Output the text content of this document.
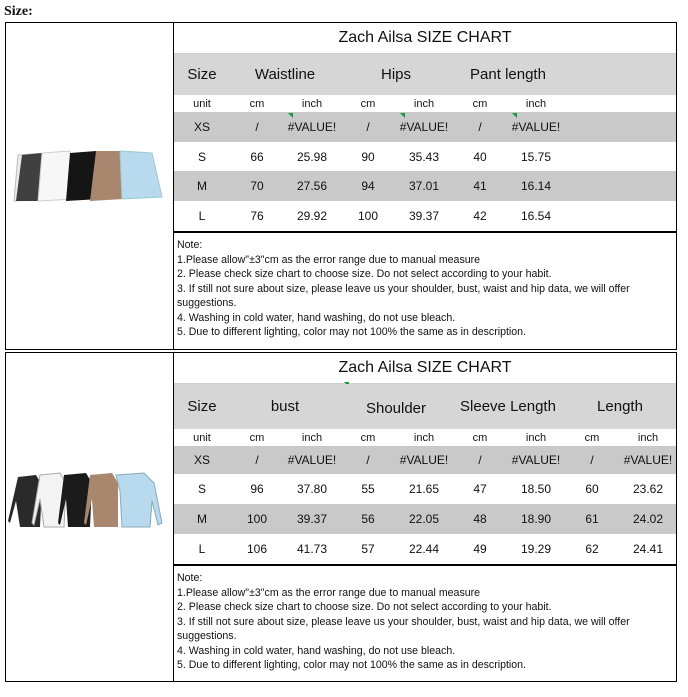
Size:
Zach Ailsa SIZE CHART
Size	Waistline	Hips	Pant length
unit	cm	inch	cm	inch	cm	inch
XS	/	#VALUE!	/	#VALUE!	/	#VALUE!
S	66	25.98	90	35.43	40	15.75
M	70	27.56	94	37.01	41	16.14
L	76	29.92	100	39.37	42	16.54
Note:
1.Please allow"±3"cm as the error range due to manual measure
2. Please check size chart to choose size. Do not select according to your habit.
3. If still not sure about size, please leave us your shoulder, bust, waist and hip data, we will offer
suggestions.
4. Washing in cold water, hand washing, do not use bleach.
5. Due to different lighting, color may not 100% the same as in description.
Zach Ailsa SIZE CHART
Size	bust	Shoulder	Sleeve Length	Length
unit	cm	inch	cm	inch	cm	inch	cm	inch
XS	/	#VALUE!	/	#VALUE!	/	#VALUE!	/	#VALUE!
S	96	37.80	55	21.65	47	18.50	60	23.62
M	100	39.37	56	22.05	48	18.90	61	24.02
L	106	41.73	57	22.44	49	19.29	62	24.41
Note:
1.Please allow"±3"cm as the error range due to manual measure
2. Please check size chart to choose size. Do not select according to your habit.
3. If still not sure about size, please leave us your shoulder, bust, waist and hip data, we will offer
suggestions.
4. Washing in cold water, hand washing, do not use bleach.
5. Due to different lighting, color may not 100% the same as in description.
